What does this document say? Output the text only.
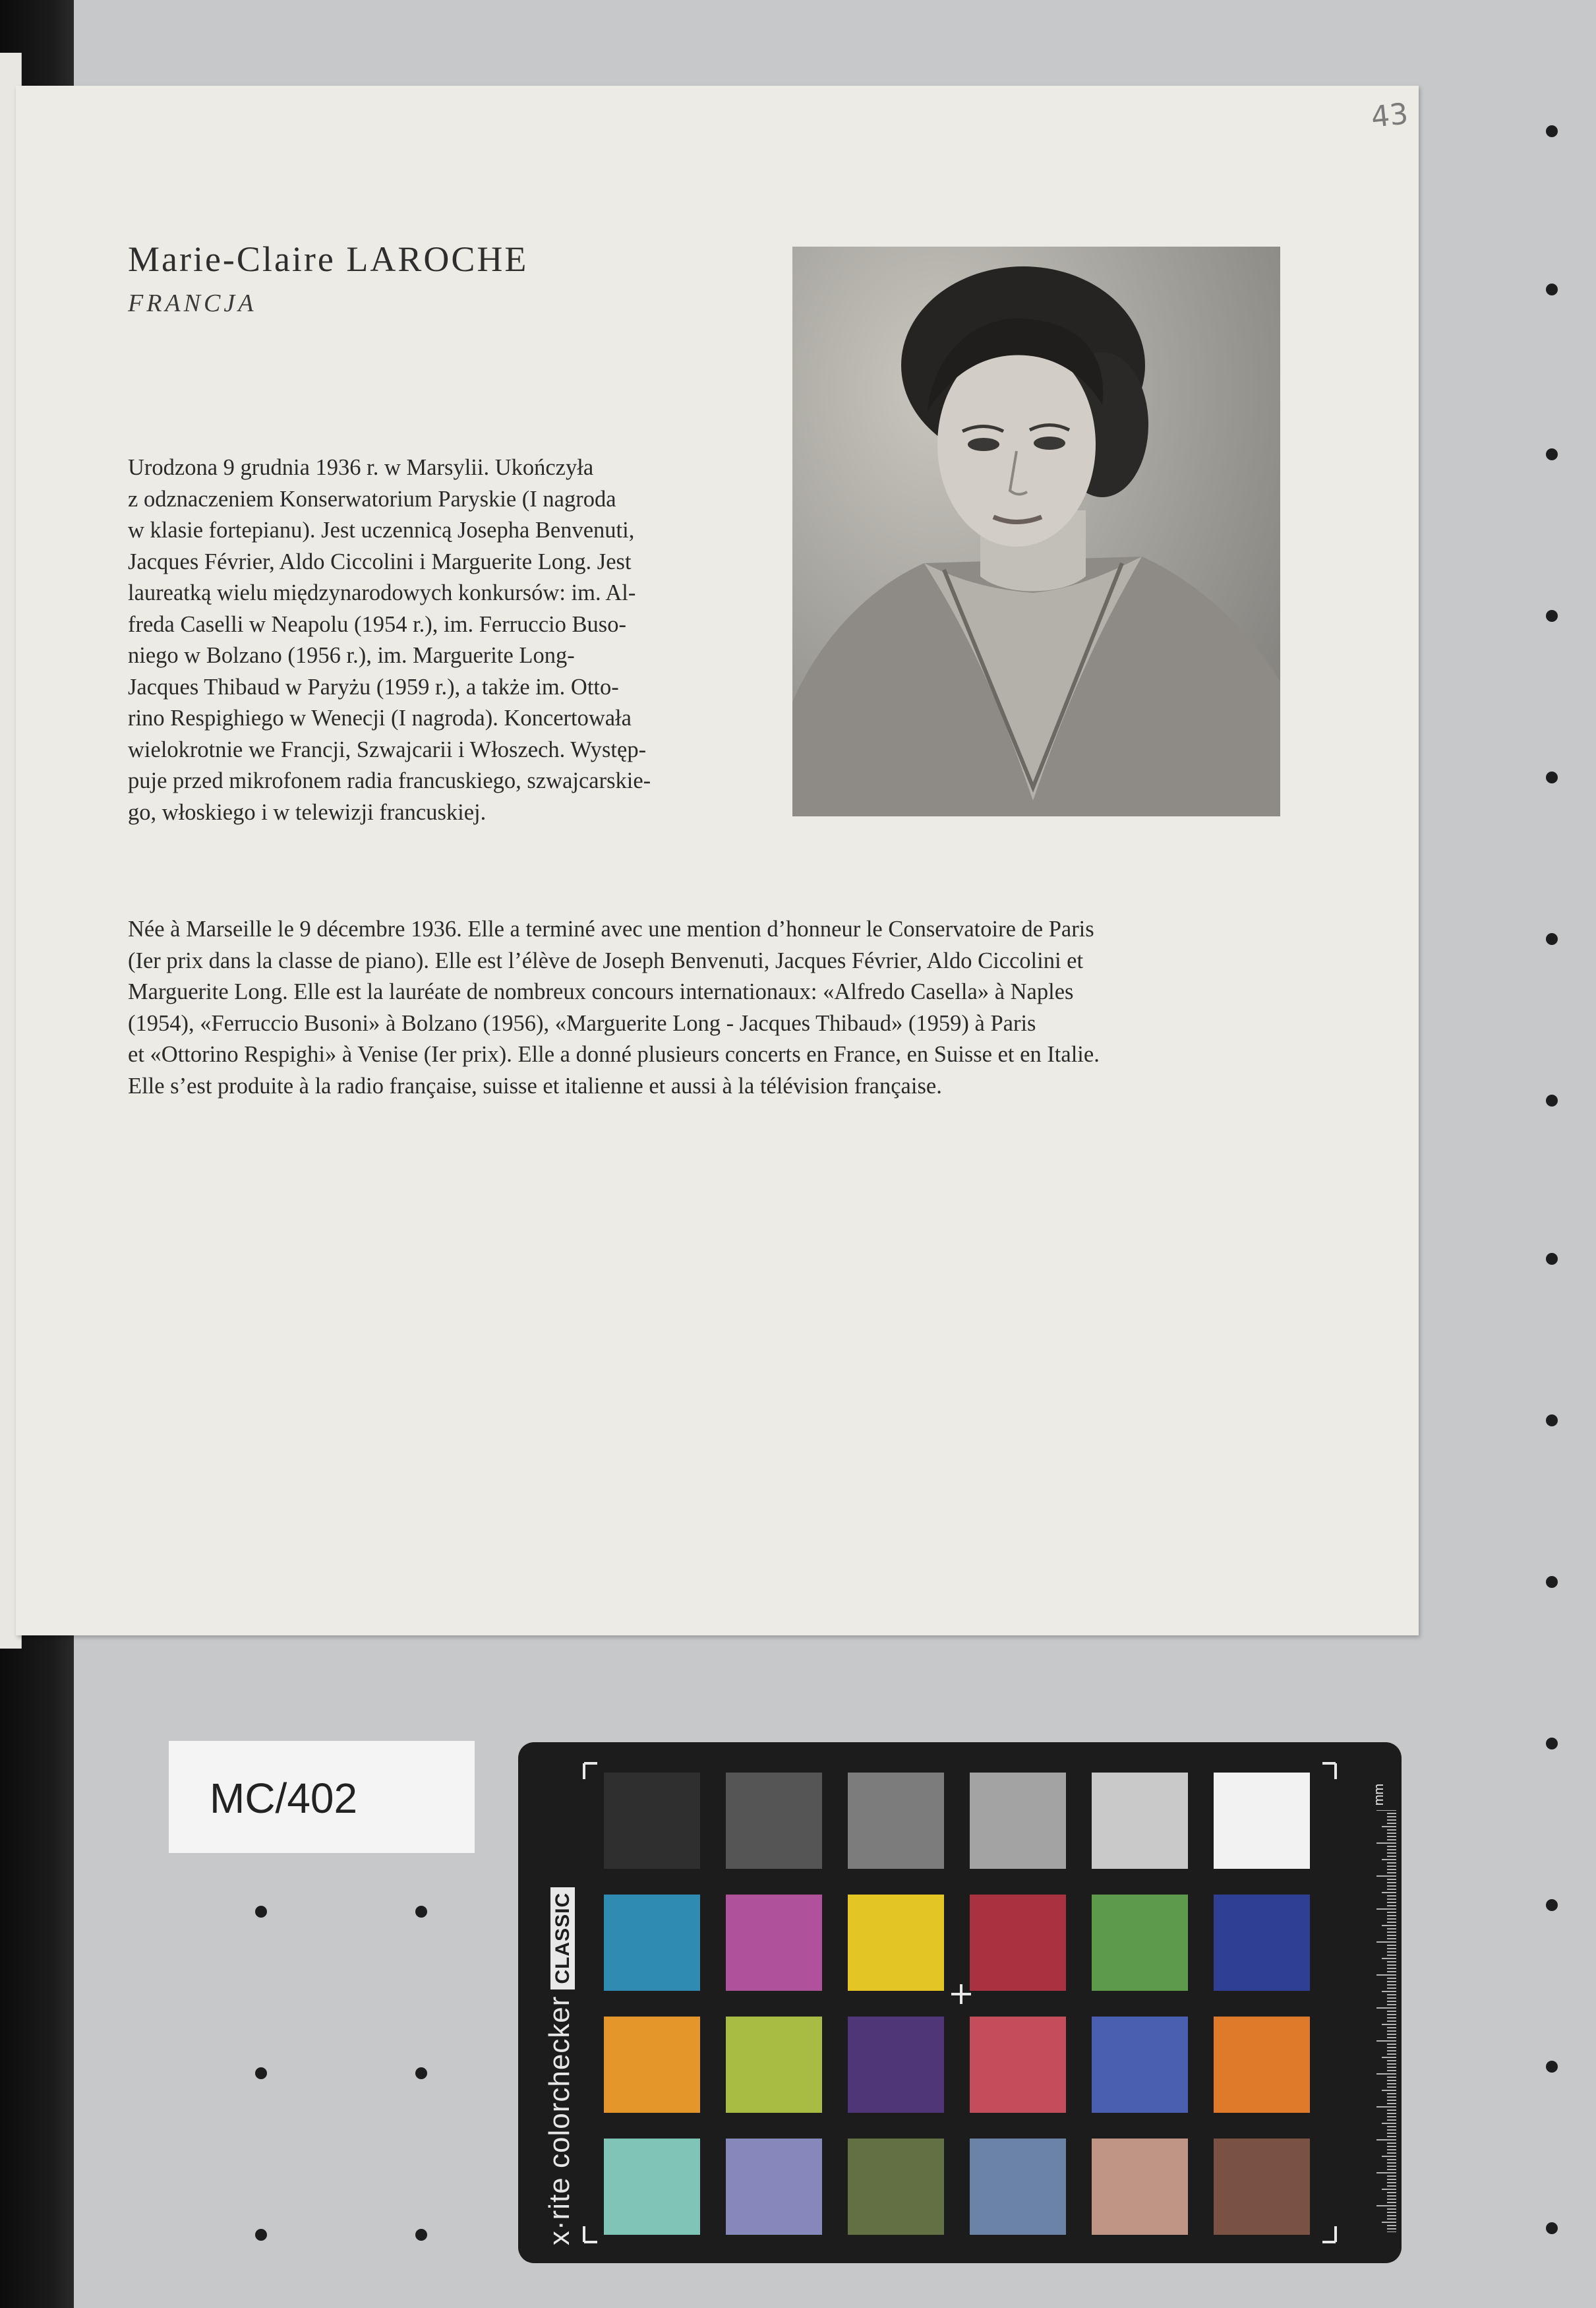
43
Marie-Claire LAROCHE
FRANCJA
Urodzona 9 grudnia 1936 r. w Marsylii. Ukończyła
z odznaczeniem Konserwatorium Paryskie (I nagroda
w klasie fortepianu). Jest uczennicą Josepha Benvenuti,
Jacques Février, Aldo Ciccolini i Marguerite Long. Jest
laureatką wielu międzynarodowych konkursów: im. Al-
freda Caselli w Neapolu (1954 r.), im. Ferruccio Buso-
niego w Bolzano (1956 r.), im. Marguerite Long-
Jacques Thibaud w Paryżu (1959 r.), a także im. Otto-
rino Respighiego w Wenecji (I nagroda). Koncertowała
wielokrotnie we Francji, Szwajcarii i Włoszech. Występ-
puje przed mikrofonem radia francuskiego, szwajcarskie-
go, włoskiego i w telewizji francuskiej.
Née à Marseille le 9 décembre 1936. Elle a terminé avec une mention d’honneur le Conservatoire de Paris
(Ier prix dans la classe de piano). Elle est l’élève de Joseph Benvenuti, Jacques Février, Aldo Ciccolini et
Marguerite Long. Elle est la lauréate de nombreux concours internationaux: «Alfredo Casella» à Naples
(1954), «Ferruccio Busoni» à Bolzano (1956), «Marguerite Long - Jacques Thibaud» (1959) à Paris
et «Ottorino Respighi» à Venise (Ier prix). Elle a donné plusieurs concerts en France, en Suisse et en Italie.
Elle s’est produite à la radio française, suisse et italienne et aussi à la télévision française.
MC/402
x·rite colorcheckerCLASSIC
mm
